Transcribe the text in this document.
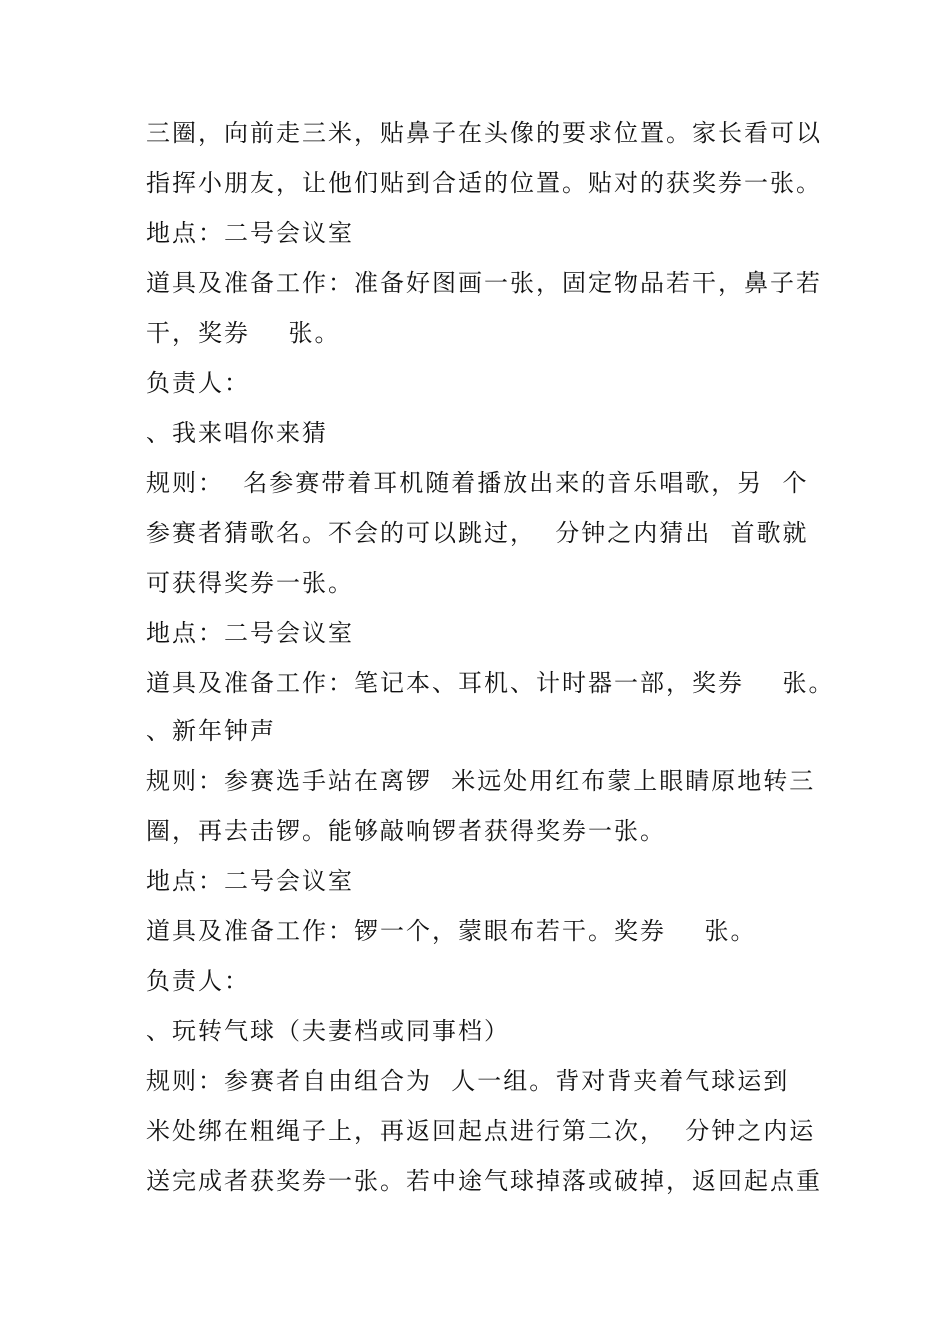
三圈，向前走三米，贴鼻子在头像的要求位置。家长看可以
指挥小朋友，让他们贴到合适的位置。贴对的获奖券一张。
地点：二号会议室
道具及准备工作：准备好图画一张，固定物品若干，鼻子若
干，奖券    张。
负责人：
、我来唱你来猜
规则：  名参赛带着耳机随着播放出来的音乐唱歌，另  个
参赛者猜歌名。不会的可以跳过，  分钟之内猜出  首歌就
可获得奖券一张。
地点：二号会议室
道具及准备工作：笔记本、耳机、计时器一部，奖券    张。
、新年钟声
规则：参赛选手站在离锣  米远处用红布蒙上眼睛原地转三
圈，再去击锣。能够敲响锣者获得奖券一张。
地点：二号会议室
道具及准备工作：锣一个，蒙眼布若干。奖券    张。
负责人：
、玩转气球（夫妻档或同事档）
规则：参赛者自由组合为  人一组。背对背夹着气球运到
米处绑在粗绳子上，再返回起点进行第二次，  分钟之内运
送完成者获奖券一张。若中途气球掉落或破掉，返回起点重
